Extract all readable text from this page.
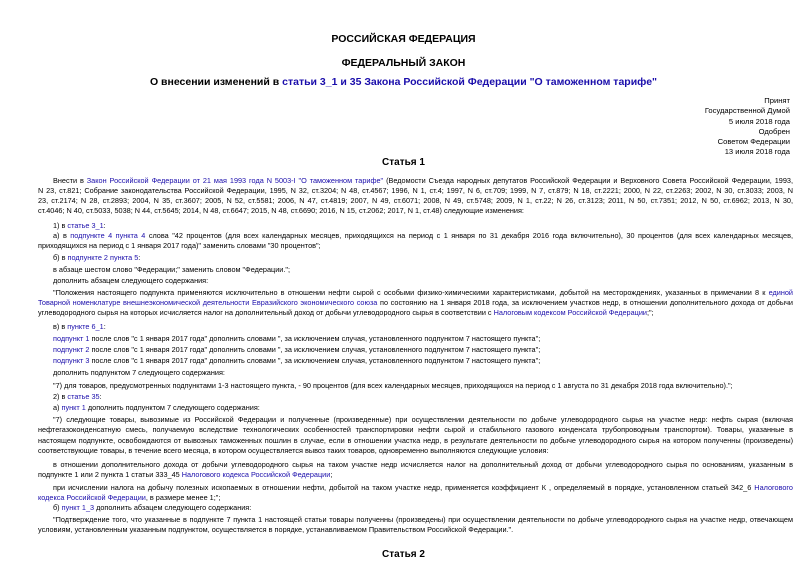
РОССИЙСКАЯ ФЕДЕРАЦИЯ
ФЕДЕРАЛЬНЫЙ ЗАКОН
О внесении изменений в статьи 3_1 и 35 Закона Российской Федерации "О таможенном тарифе"
Принят
Государственной Думой
5 июля 2018 года
Одобрен
Советом Федерации
13 июля 2018 года
Статья 1
Внести в Закон Российской Федерации от 21 мая 1993 года N 5003-I "О таможенном тарифе" (Ведомости Съезда народных депутатов Российской Федерации и Верховного Совета Российской Федерации, 1993,
N 23, ст.821; Собрание законодательства Российской Федерации, 1995, N 32, ст.3204; N 48, ст.4567; 1996, N 1, ст.4; 1997, N 6, ст.709; 1999, N 7, ст.879; N 18, ст.2221; 2000, N 22, ст.2263; 2002, N 30, ст.3033; 2003, N
23, ст.2174; N 28, ст.2893; 2004, N 35, ст.3607; 2005, N 52, ст.5581; 2006, N 47, ст.4819; 2007, N 49, ст.6071; 2008, N 49, ст.5748; 2009, N 1, ст.22; N 26, ст.3123; 2011, N 50, ст.7351; 2012, N 50, ст.6962; 2013, N 30,
ст.4046; N 40, ст.5033, 5038; N 44, ст.5645; 2014, N 48, ст.6647; 2015, N 48, ст.6690; 2016, N 15, ст.2062; 2017, N 1, ст.48) следующие изменения:
1) в статье 3_1:
а) в подпункте 4 пункта 4 слова "42 процентов (для всех календарных месяцев, приходящихся на период с 1 января по 31 декабря 2016 года включительно), 30 процентов (для всех календарных месяцев,
приходящихся на период с 1 января 2017 года)" заменить словами "30 процентов";
б) в подпункте 2 пункта 5:
в абзаце шестом слово "Федерации;" заменить словом "Федерации.";
дополнить абзацем следующего содержания:
"Положения настоящего подпункта применяются исключительно в отношении нефти сырой с особыми физико-химическими характеристиками, добытой на месторождениях, указанных в примечании 8 к единой
Товарной номенклатуре внешнеэкономической деятельности Евразийского экономического союза по состоянию на 1 января 2018 года, за исключением участков недр, в отношении дополнительного дохода от добычи
углеводородного сырья на которых исчисляется налог на дополнительный доход от добычи углеводородного сырья в соответствии с Налоговым кодексом Российской Федерации;";
в) в пункте 6_1:
подпункт 1 после слов "с 1 января 2017 года" дополнить словами ", за исключением случая, установленного подпунктом 7 настоящего пункта";
подпункт 2 после слов "с 1 января 2017 года" дополнить словами ", за исключением случая, установленного подпунктом 7 настоящего пункта";
подпункт 3 после слов "с 1 января 2017 года" дополнить словами ", за исключением случая, установленного подпунктом 7 настоящего пункта";
дополнить подпунктом 7 следующего содержания:
"7) для товаров, предусмотренных подпунктами 1-3 настоящего пункта, - 90 процентов (для всех календарных месяцев, приходящихся на период с 1 августа по 31 декабря 2018 года включительно).";
2) в статье 35:
а) пункт 1 дополнить подпунктом 7 следующего содержания:
"7) следующие товары, вывозимые из Российской Федерации и полученные (произведенные) при осуществлении деятельности по добыче углеводородного сырья на участке недр: нефть сырая (включая
нефтегазоконденсатную смесь, получаемую вследствие технологических особенностей транспортировки нефти сырой и стабильного газового конденсата трубопроводным транспортом). Товары, указанные в
настоящем подпункте, освобождаются от вывозных таможенных пошлин в случае, если в отношении участка недр, в результате деятельности по добыче углеводородного сырья на котором полученны (произведены)
соответствующие товары, в течение всего месяца, в котором осуществляется вывоз таких товаров, одновременно выполняются следующие условия:
в отношении дополнительного дохода от добычи углеводородного сырья на таком участке недр исчисляется налог на дополнительный доход от добычи углеводородного сырья по основаниям, указанным в
подпункте 1 или 2 пункта 1 статьи 333_45 Налогового кодекса Российской Федерации;
при исчислении налога на добычу полезных ископаемых в отношении нефти, добытой на таком участке недр, применяется коэффициент К , определяемый в порядке, установленном статьей 342_6 Налогового
кодекса Российской Федерации, в размере менее 1;";
б) пункт 1_3 дополнить абзацем следующего содержания:
"Подтверждение того, что указанные в подпункте 7 пункта 1 настоящей статьи товары полученны (произведены) при осуществлении деятельности по добыче углеводородного сырья на участке недр, отвечающем
условиям, установленным указанным подпунктом, осуществляется в порядке, устанавливаемом Правительством Российской Федерации.".
Статья 2
